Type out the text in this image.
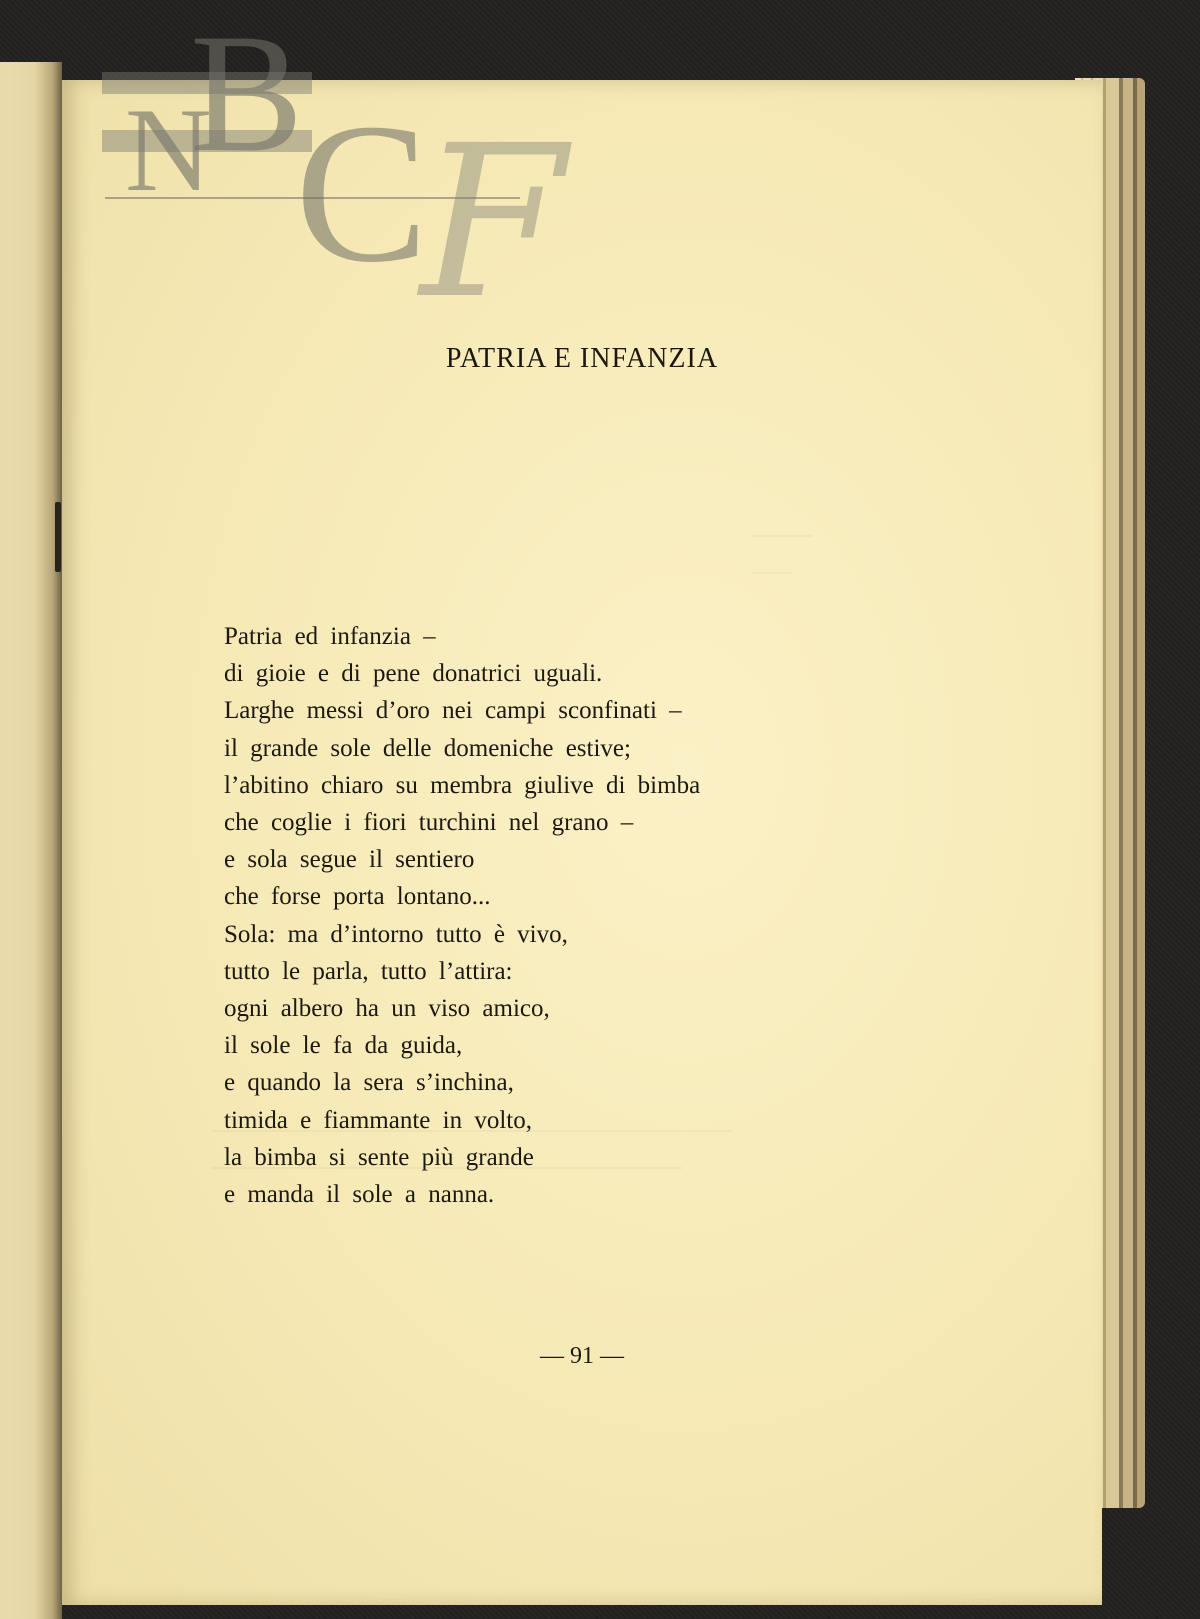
PATRIA E INFANZIA
Patria ed infanzia –
di gioie e di pene donatrici uguali.
Larghe messi d’oro nei campi sconfinati –
il grande sole delle domeniche estive;
l’abitino chiaro su membra giulive di bimba
che coglie i fiori turchini nel grano –
e sola segue il sentiero
che forse porta lontano...
Sola: ma d’intorno tutto è vivo,
tutto le parla, tutto l’attira:
ogni albero ha un viso amico,
il sole le fa da guida,
e quando la sera s’inchina,
timida e fiammante in volto,
la bimba si sente più grande
e manda il sole a nanna.
— 91 —
N
B
C
F
